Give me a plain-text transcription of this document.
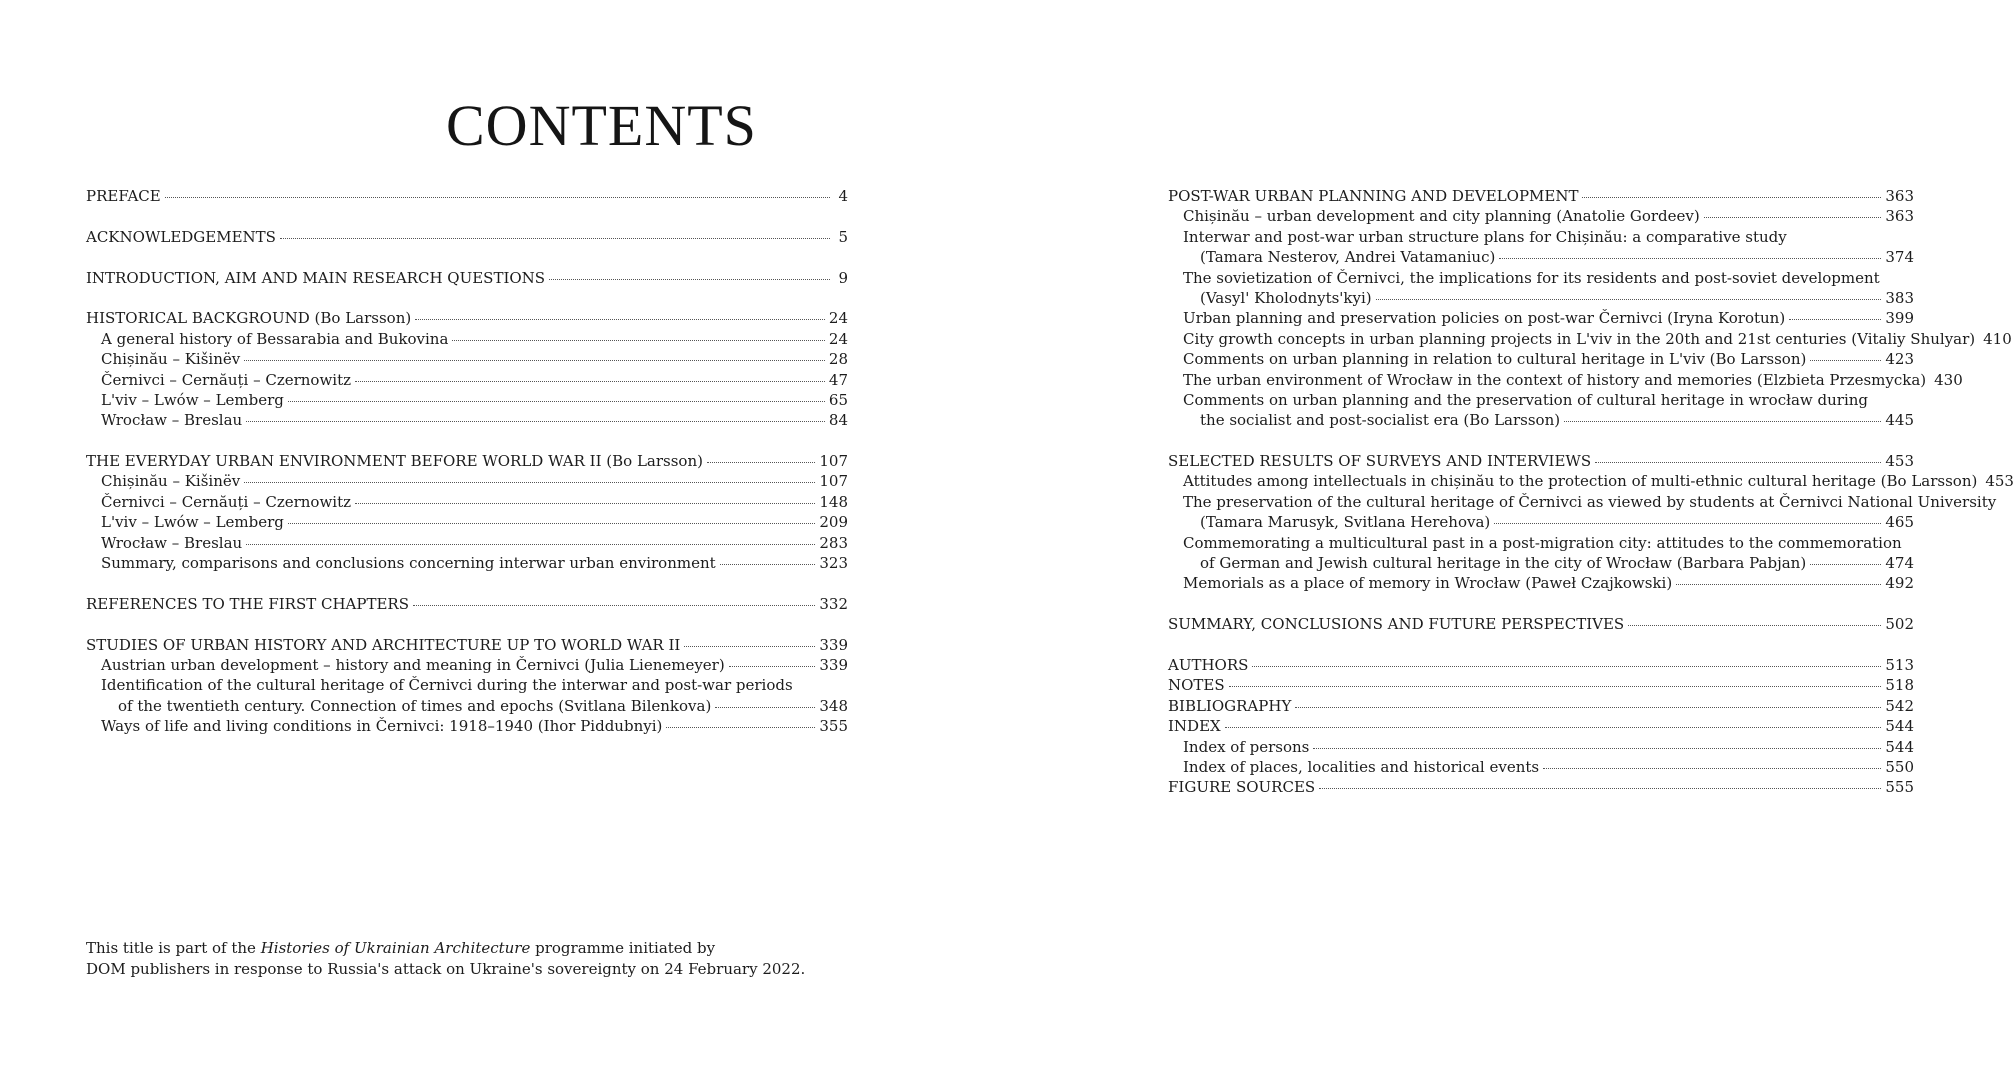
CONTENTS
PREFACE	4
ACKNOWLEDGEMENTS	5
INTRODUCTION, AIM AND MAIN RESEARCH QUESTIONS	9
HISTORICAL BACKGROUND (Bo Larsson)	24
A general history of Bessarabia and Bukovina	24
Chișinău – Kišinëv	28
Černivci – Cernăuți – Czernowitz	47
L'viv – Lwów – Lemberg	65
Wrocław – Breslau	84
THE EVERYDAY URBAN ENVIRONMENT BEFORE WORLD WAR II (Bo Larsson)	107
Chișinău – Kišinëv	107
Černivci – Cernăuți – Czernowitz	148
L'viv – Lwów – Lemberg	209
Wrocław – Breslau	283
Summary, comparisons and conclusions concerning interwar urban environment	323
REFERENCES TO THE FIRST CHAPTERS	332
STUDIES OF URBAN HISTORY AND ARCHITECTURE UP TO WORLD WAR II	339
Austrian urban development – history and meaning in Černivci (Julia Lienemeyer)	339
Identification of the cultural heritage of Černivci during the interwar and post-war periods
of the twentieth century. Connection of times and epochs (Svitlana Bilenkova)	348
Ways of life and living conditions in Černivci: 1918–1940 (Ihor Piddubnyi)	355
POST-WAR URBAN PLANNING AND DEVELOPMENT	363
Chișinău – urban development and city planning (Anatolie Gordeev)	363
Interwar and post-war urban structure plans for Chișinău: a comparative study
(Tamara Nesterov, Andrei Vatamaniuc)	374
The sovietization of Černivci, the implications for its residents and post-soviet development
(Vasyl' Kholodnyts'kyi)	383
Urban planning and preservation policies on post-war Černivci (Iryna Korotun)	399
City growth concepts in urban planning projects in L'viv in the 20th and 21st centuries (Vitaliy Shulyar) 410
Comments on urban planning in relation to cultural heritage in L'viv (Bo Larsson)	423
The urban environment of Wrocław in the context of history and memories (Elzbieta Przesmycka) 430
Comments on urban planning and the preservation of cultural heritage in wrocław during
the socialist and post-socialist era (Bo Larsson)	445
SELECTED RESULTS OF SURVEYS AND INTERVIEWS	453
Attitudes among intellectuals in chișinău to the protection of multi-ethnic cultural heritage (Bo Larsson) 453
The preservation of the cultural heritage of Černivci as viewed by students at Černivci National University
(Tamara Marusyk, Svitlana Herehova)	465
Commemorating a multicultural past in a post-migration city: attitudes to the commemoration
of German and Jewish cultural heritage in the city of Wrocław (Barbara Pabjan)	474
Memorials as a place of memory in Wrocław (Paweł Czajkowski)	492
SUMMARY, CONCLUSIONS AND FUTURE PERSPECTIVES	502
AUTHORS	513
NOTES	518
BIBLIOGRAPHY	542
INDEX	544
Index of persons	544
Index of places, localities and historical events	550
FIGURE SOURCES	555
This title is part of the Histories of Ukrainian Architecture programme initiated by
DOM publishers in response to Russia's attack on Ukraine's sovereignty on 24 February 2022.
